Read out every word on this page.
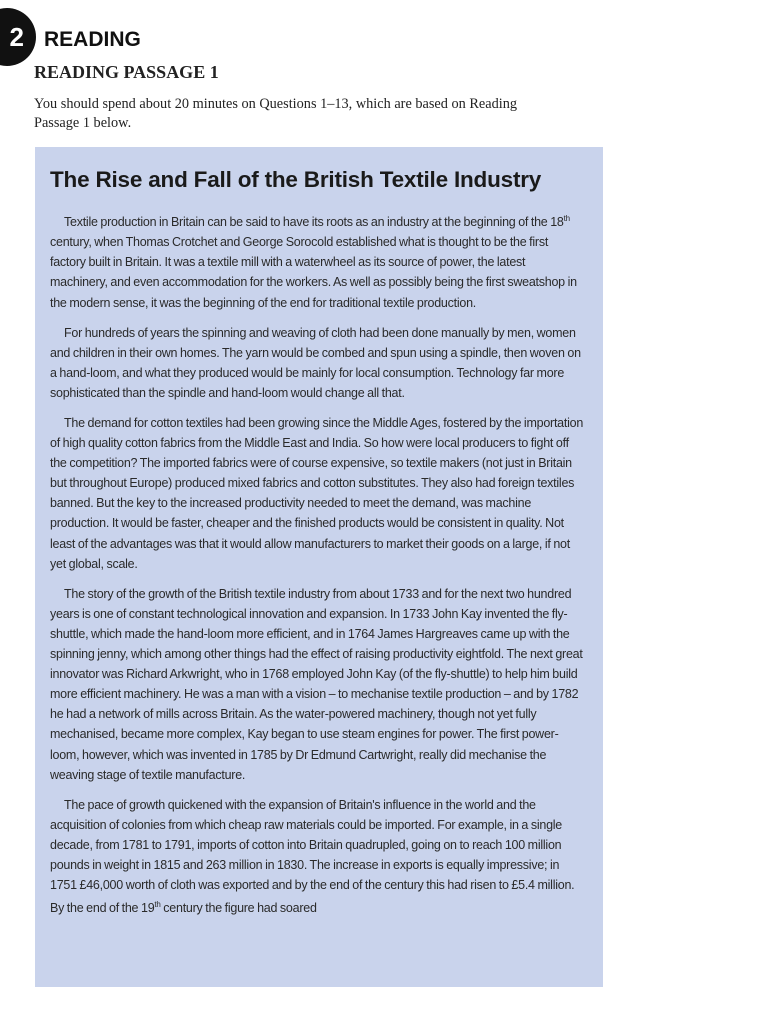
2 READING
READING PASSAGE 1
You should spend about 20 minutes on Questions 1–13, which are based on Reading Passage 1 below.
The Rise and Fall of the British Textile Industry

Textile production in Britain can be said to have its roots as an industry at the beginning of the 18th century, when Thomas Crotchet and George Sorocold established what is thought to be the first factory built in Britain. It was a textile mill with a waterwheel as its source of power, the latest machinery, and even accommodation for the workers. As well as possibly being the first sweatshop in the modern sense, it was the beginning of the end for traditional textile production.

For hundreds of years the spinning and weaving of cloth had been done manually by men, women and children in their own homes. The yarn would be combed and spun using a spindle, then woven on a hand-loom, and what they produced would be mainly for local consumption. Technology far more sophisticated than the spindle and hand-loom would change all that.

The demand for cotton textiles had been growing since the Middle Ages, fostered by the importation of high quality cotton fabrics from the Middle East and India. So how were local producers to fight off the competition? The imported fabrics were of course expensive, so textile makers (not just in Britain but throughout Europe) produced mixed fabrics and cotton substitutes. They also had foreign textiles banned. But the key to the increased productivity needed to meet the demand, was machine production. It would be faster, cheaper and the finished products would be consistent in quality. Not least of the advantages was that it would allow manufacturers to market their goods on a large, if not yet global, scale.

The story of the growth of the British textile industry from about 1733 and for the next two hundred years is one of constant technological innovation and expansion. In 1733 John Kay invented the fly-shuttle, which made the hand-loom more efficient, and in 1764 James Hargreaves came up with the spinning jenny, which among other things had the effect of raising productivity eightfold. The next great innovator was Richard Arkwright, who in 1768 employed John Kay (of the fly-shuttle) to help him build more efficient machinery. He was a man with a vision – to mechanise textile production – and by 1782 he had a network of mills across Britain. As the water-powered machinery, though not yet fully mechanised, became more complex, Kay began to use steam engines for power. The first power-loom, however, which was invented in 1785 by Dr Edmund Cartwright, really did mechanise the weaving stage of textile manufacture.

The pace of growth quickened with the expansion of Britain's influence in the world and the acquisition of colonies from which cheap raw materials could be imported. For example, in a single decade, from 1781 to 1791, imports of cotton into Britain quadrupled, going on to reach 100 million pounds in weight in 1815 and 263 million in 1830. The increase in exports is equally impressive; in 1751 £46,000 worth of cloth was exported and by the end of the century this had risen to £5.4 million. By the end of the 19th century the figure had soared
